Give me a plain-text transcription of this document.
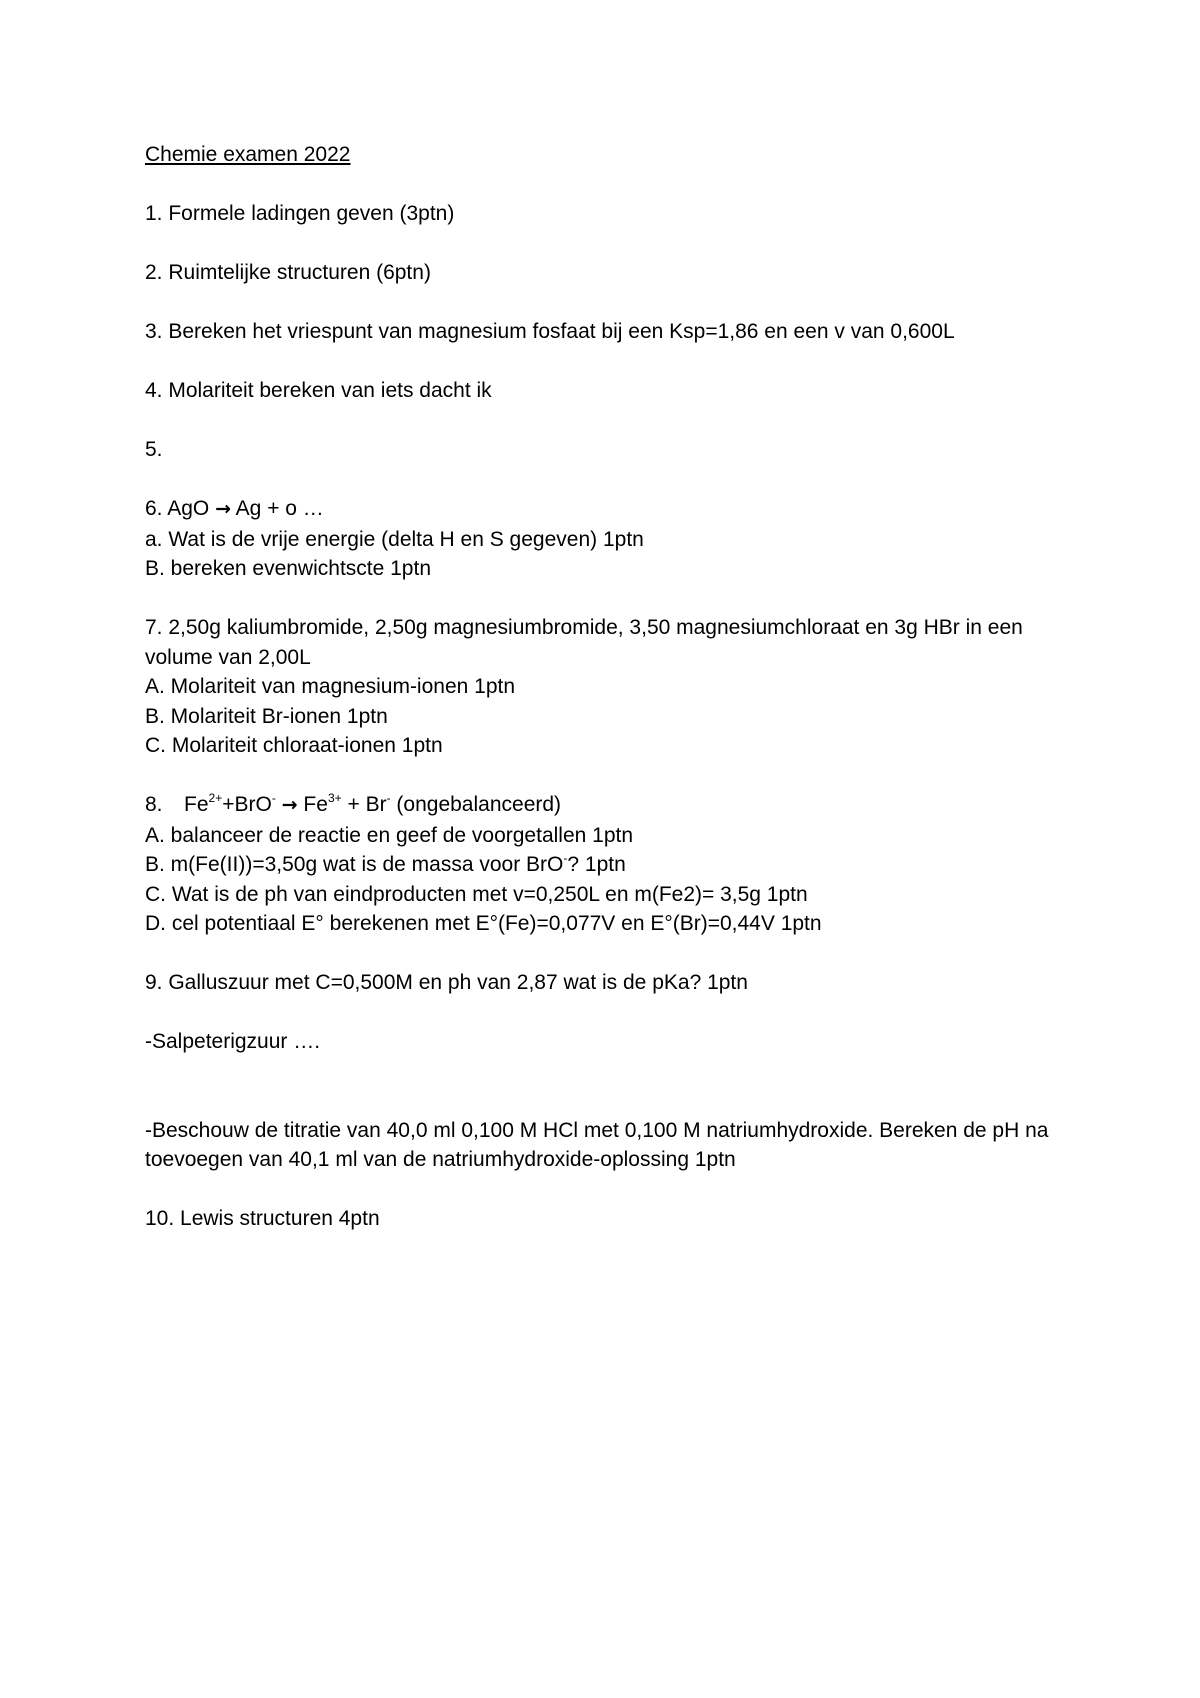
Chemie examen 2022
1. Formele ladingen geven (3ptn)
2. Ruimtelijke structuren (6ptn)
3. Bereken het vriespunt van magnesium fosfaat bij een Ksp=1,86 en een v van 0,600L
4. Molariteit bereken van iets dacht ik
5.
6. AgO → Ag + o …
a. Wat is de vrije energie (delta H en S gegeven) 1ptn
B. bereken evenwichtscte 1ptn
7. 2,50g kaliumbromide, 2,50g magnesiumbromide, 3,50 magnesiumchloraat en 3g HBr in een volume van 2,00L
A. Molariteit van magnesium-ionen 1ptn
B. Molariteit Br-ionen 1ptn
C. Molariteit chloraat-ionen 1ptn
8. $Fe^{2+}+BrO^- \to Fe^{3+} + Br^-$ (ongebalanceerd)
A. balanceer de reactie en geef de voorgetallen 1ptn
B. m(Fe(II))=3,50g wat is de massa voor BrO-? 1ptn
C. Wat is de ph van eindproducten met v=0,250L en m(Fe2)= 3,5g 1ptn
D. cel potentiaal E° berekenen met E°(Fe)=0,077V en E°(Br)=0,44V 1ptn
9. Galluszuur met C=0,500M en ph van 2,87 wat is de pKa? 1ptn
-Salpeterigzuur ….
-Beschouw de titratie van 40,0 ml 0,100 M HCl met 0,100 M natriumhydroxide. Bereken de pH na toevoegen van 40,1 ml van de natriumhydroxide-oplossing 1ptn
10. Lewis structuren 4ptn
